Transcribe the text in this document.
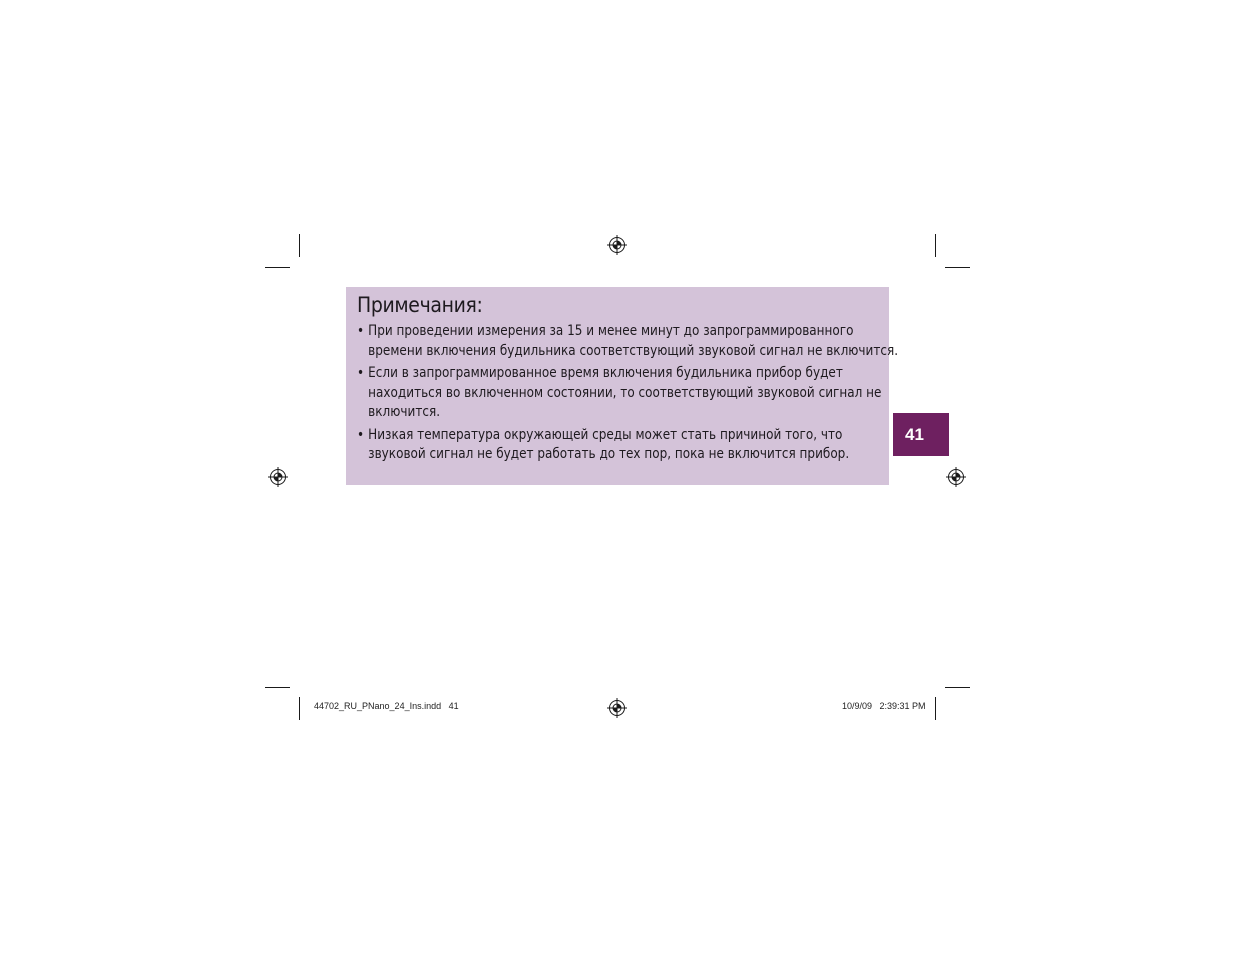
Примечания:
• При проведении измерения за 15 и менее минут до запрограммированного времени включения будильника соответствующий звуковой сигнал не включится.
• Если в запрограммированное время включения будильника прибор будет находиться во включенном состоянии, то соответствующий звуковой сигнал не включится.
• Низкая температура окружающей среды может стать причиной того, что звуковой сигнал не будет работать до тех пор, пока не включится прибор.
41
44702_RU_PNano_24_Ins.indd   41	10/9/09   2:39:31 PM
